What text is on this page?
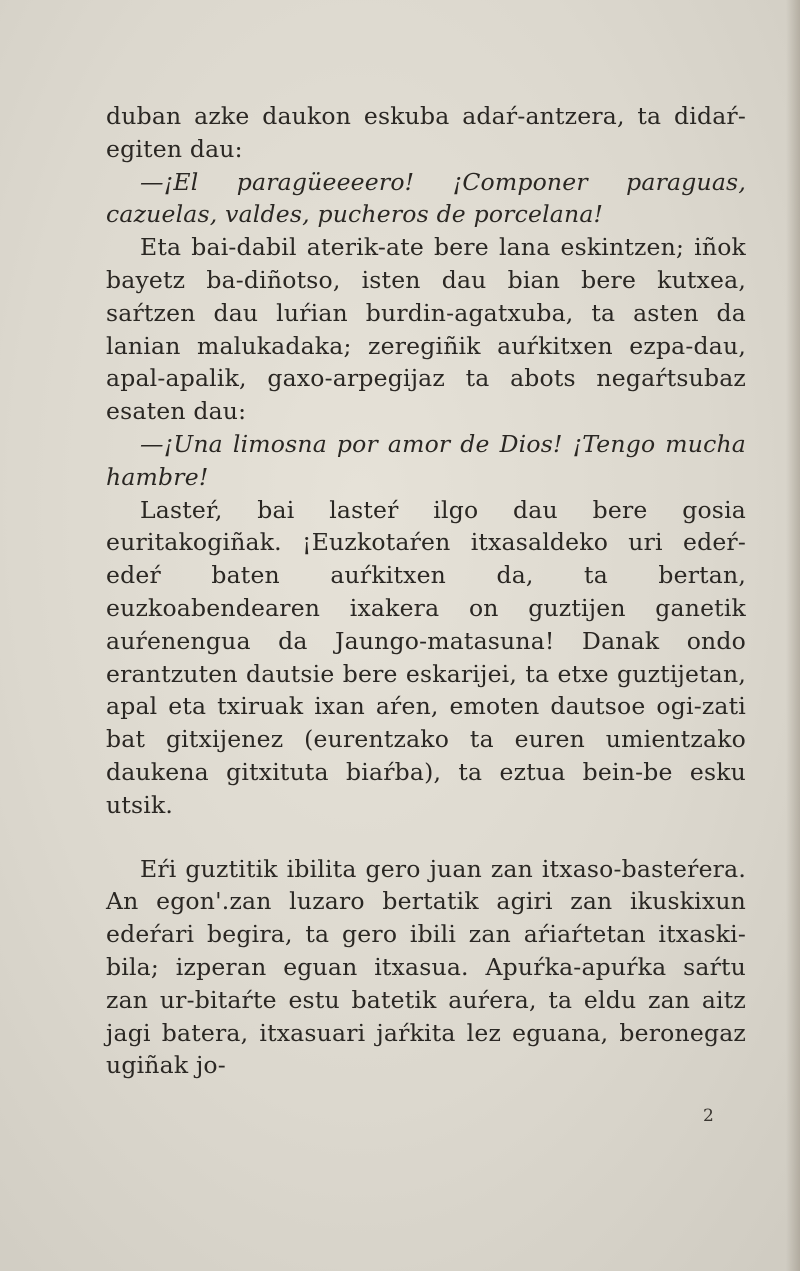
duban azke daukon eskuba adaŕ-antzera, ta didaŕ-egiten dau:

—¡El paragüeeeero! ¡Componer paraguas, cazuelas, valdes, pucheros de porcelana!

Eta bai-dabil aterik-ate bere lana eskintzen; iñok bayetz ba-diñotso, isten dau bian bere kutxea, saŕtzen dau luŕian burdin-agatxuba, ta asten da lanian malukadaka; zeregiñik auŕkitxen ezpa-dau, apal-apalik, gaxo-arpegijaz ta abots negaŕtsubaz esaten dau:

—¡Una limosna por amor de Dios! ¡Tengo mucha hambre!

Lasteŕ, bai lasteŕ ilgo dau bere gosia euritakogiñak. ¡Euzkotaŕen itxasaldeko uri edeŕ-edeŕ baten auŕkitxen da, ta bertan, euzkoabendearen ixakera on guztijen ganetik auŕenengua da Jaungo-matasuna! Danak ondo erantzuten dautsie bere eskarijei, ta etxe guztijetan, apal eta txiruak ixan aŕen, emoten dautsoe ogi-zati bat gitxijenez (eurentzako ta euren umientzako daukena gitxituta biaŕba), ta eztua bein-be esku utsik.

Eŕi guztitik ibilita gero juan zan itxaso-basteŕera. An egon'.zan luzaro bertatik agiri zan ikuskixun edeŕari begira, ta gero ibili zan aŕiaŕtetan itxaski-bila; izperan eguan itxasua. Apuŕka-apuŕka saŕtu zan ur-bitaŕte estu batetik auŕera, ta eldu zan aitz jagi batera, itxasuari jaŕkita lez eguana, beronegaz ugiñak jo-

2
